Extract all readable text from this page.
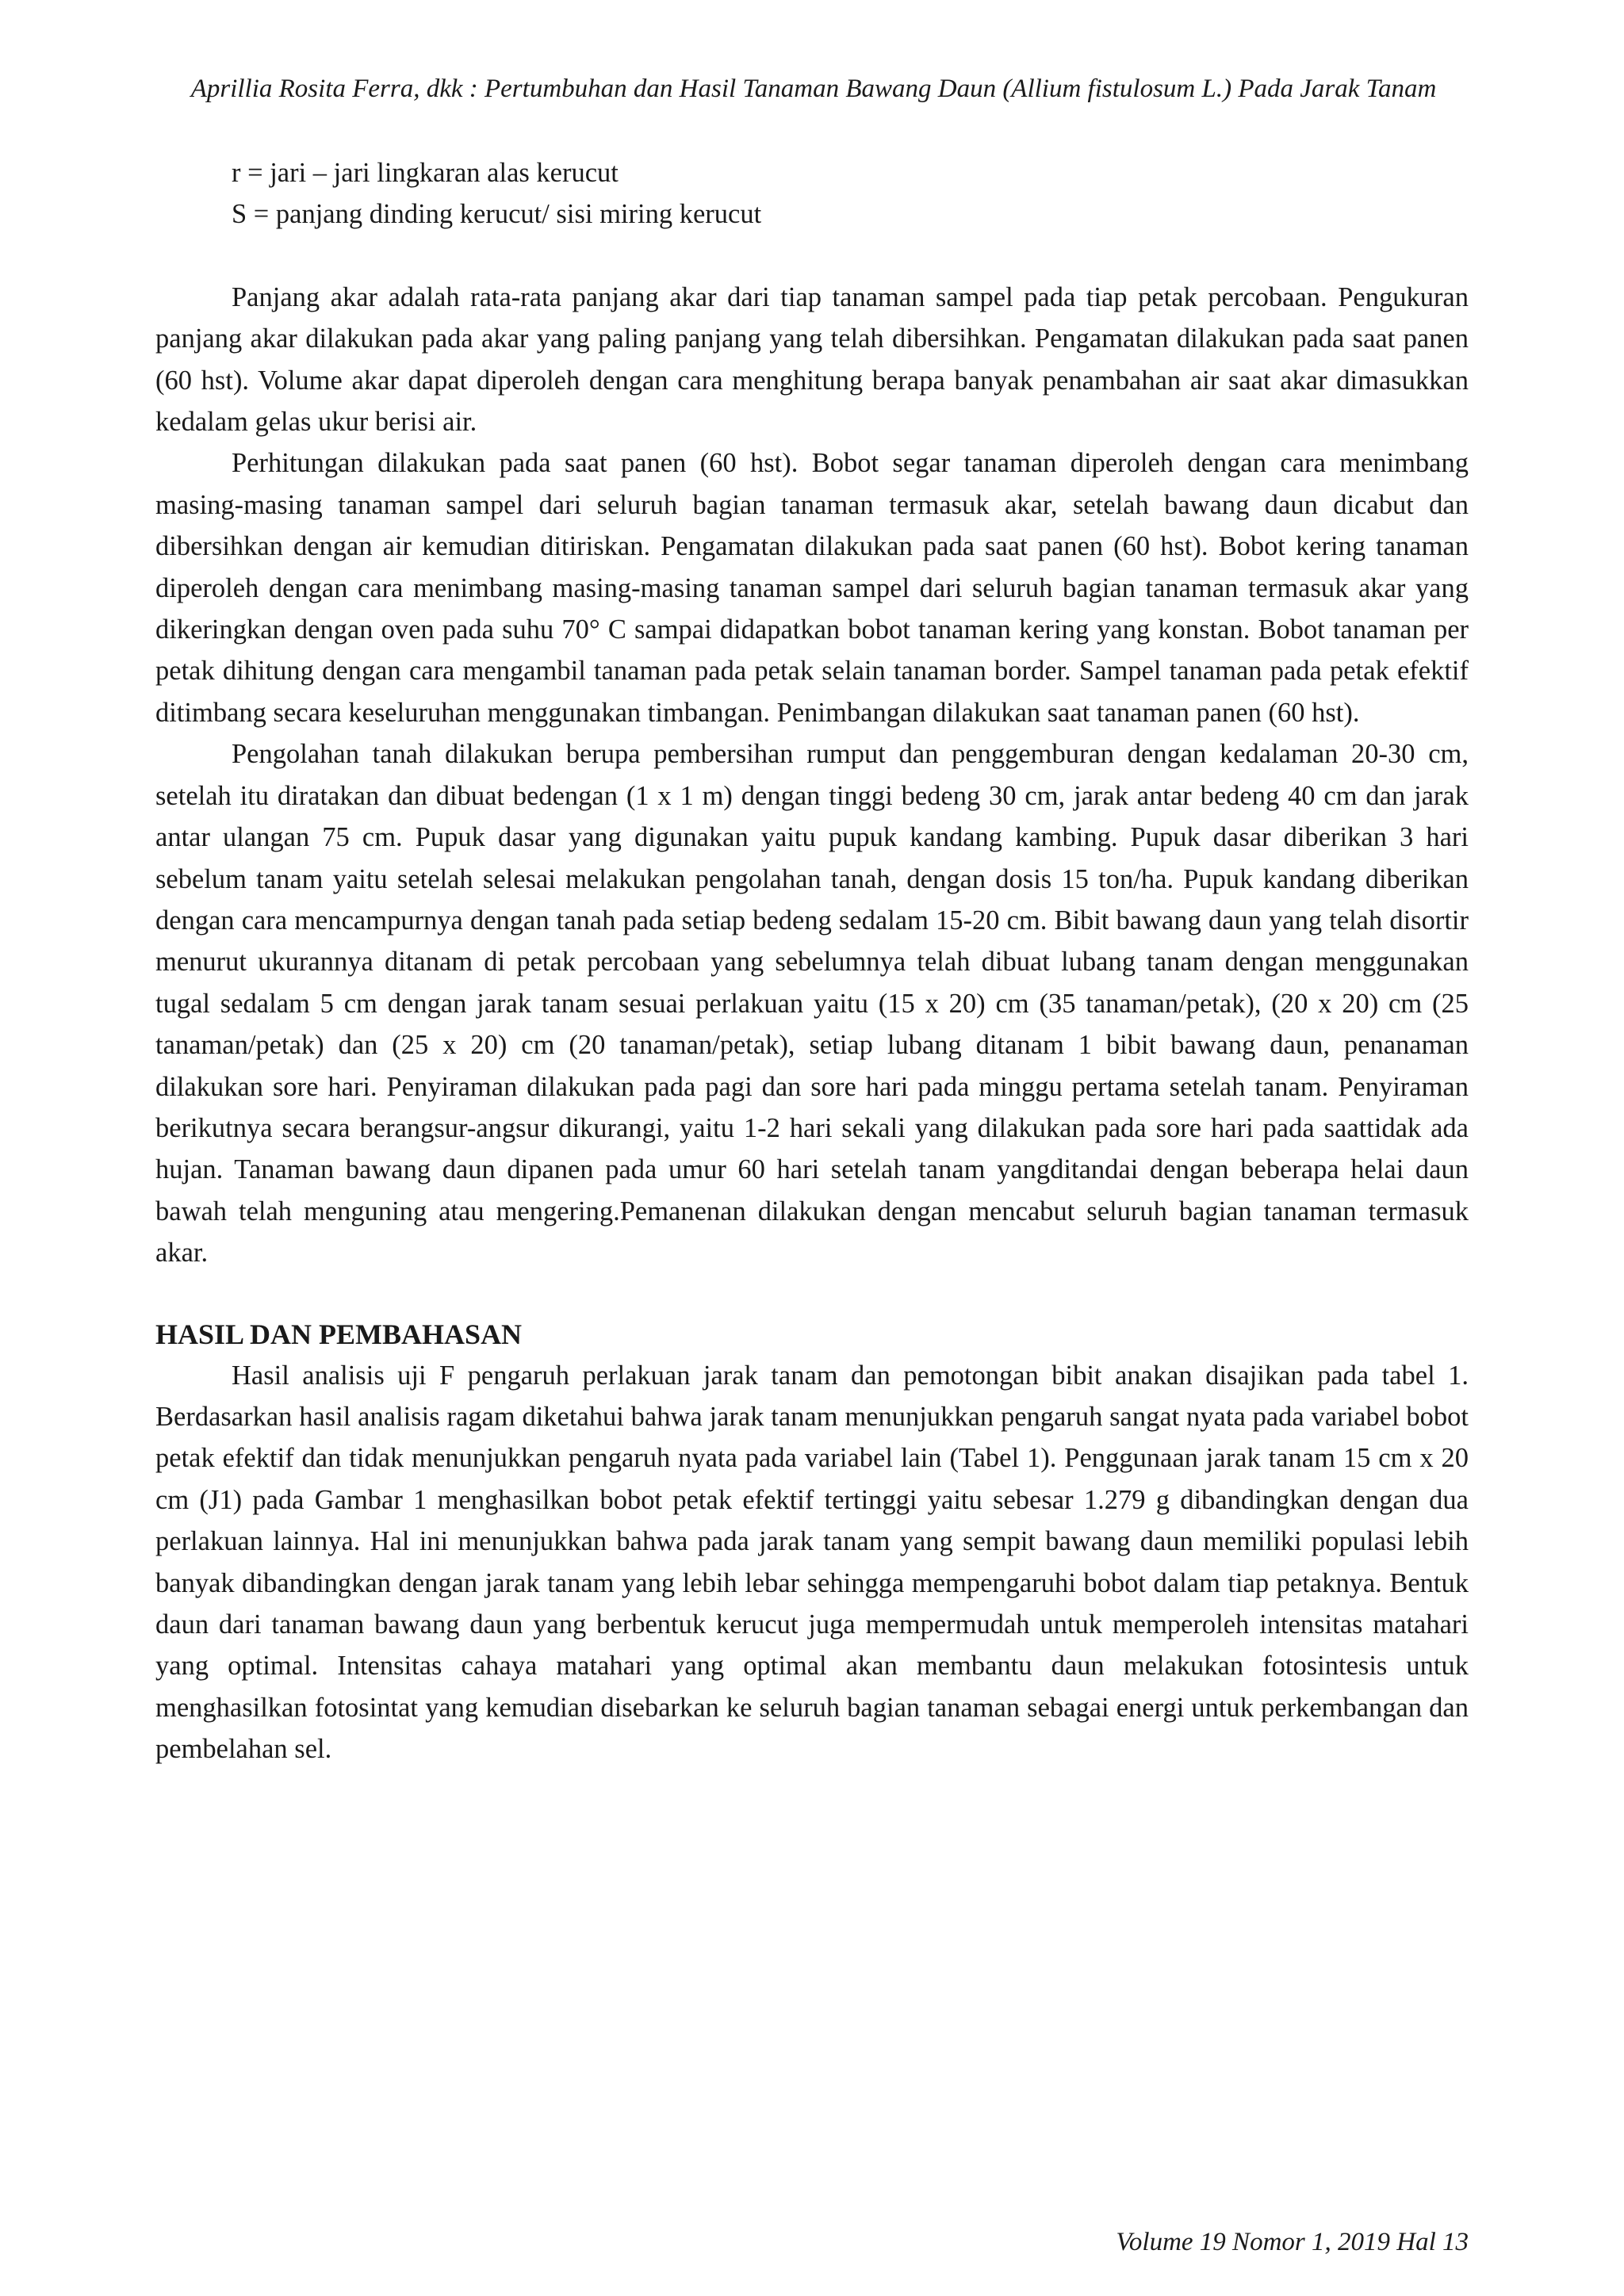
Aprillia Rosita Ferra, dkk : Pertumbuhan dan Hasil Tanaman Bawang Daun (Allium fistulosum L.) Pada Jarak Tanam

r = jari – jari lingkaran alas kerucut

S = panjang dinding kerucut/ sisi miring kerucut

Panjang akar adalah rata-rata panjang akar dari tiap tanaman sampel pada tiap petak percobaan. Pengukuran panjang akar dilakukan pada akar yang paling panjang yang telah dibersihkan. Pengamatan dilakukan pada saat panen (60 hst). Volume akar dapat diperoleh dengan cara menghitung berapa banyak penambahan air saat akar dimasukkan kedalam gelas ukur berisi air.

Perhitungan dilakukan pada saat panen (60 hst). Bobot segar tanaman diperoleh dengan cara menimbang masing-masing tanaman sampel dari seluruh bagian tanaman termasuk akar, setelah bawang daun dicabut dan dibersihkan dengan air kemudian ditiriskan. Pengamatan dilakukan pada saat panen (60 hst). Bobot kering tanaman diperoleh dengan cara menimbang masing-masing tanaman sampel dari seluruh bagian tanaman termasuk akar yang dikeringkan dengan oven pada suhu 70° C sampai didapatkan bobot tanaman kering yang konstan. Bobot tanaman per petak dihitung dengan cara mengambil tanaman pada petak selain tanaman border. Sampel tanaman pada petak efektif ditimbang secara keseluruhan menggunakan timbangan. Penimbangan dilakukan saat tanaman panen (60 hst).

Pengolahan tanah dilakukan berupa pembersihan rumput dan penggemburan dengan kedalaman 20-30 cm, setelah itu diratakan dan dibuat bedengan (1 x 1 m) dengan tinggi bedeng 30 cm, jarak antar bedeng 40 cm dan jarak antar ulangan 75 cm. Pupuk dasar yang digunakan yaitu pupuk kandang kambing. Pupuk dasar diberikan 3 hari sebelum tanam yaitu setelah selesai melakukan pengolahan tanah, dengan dosis 15 ton/ha. Pupuk kandang diberikan dengan cara mencampurnya dengan tanah pada setiap bedeng sedalam 15-20 cm. Bibit bawang daun yang telah disortir menurut ukurannya ditanam di petak percobaan yang sebelumnya telah dibuat lubang tanam dengan menggunakan tugal sedalam 5 cm dengan jarak tanam sesuai perlakuan yaitu (15 x 20) cm (35 tanaman/petak), (20 x 20) cm (25 tanaman/petak) dan (25 x 20) cm (20 tanaman/petak), setiap lubang ditanam 1 bibit bawang daun, penanaman dilakukan sore hari. Penyiraman dilakukan pada pagi dan sore hari pada minggu pertama setelah tanam. Penyiraman berikutnya secara berangsur-angsur dikurangi, yaitu 1-2 hari sekali yang dilakukan pada sore hari pada saattidak ada hujan. Tanaman bawang daun dipanen pada umur 60 hari setelah tanam yangditandai dengan beberapa helai daun bawah telah menguning atau mengering.Pemanenan dilakukan dengan mencabut seluruh bagian tanaman termasuk akar.

HASIL DAN PEMBAHASAN

Hasil analisis uji F pengaruh perlakuan jarak tanam dan pemotongan bibit anakan disajikan pada tabel 1. Berdasarkan hasil analisis ragam diketahui bahwa jarak tanam menunjukkan pengaruh sangat nyata pada variabel bobot petak efektif dan tidak menunjukkan pengaruh nyata pada variabel lain (Tabel 1). Penggunaan jarak tanam 15 cm x 20 cm (J1) pada Gambar 1 menghasilkan bobot petak efektif tertinggi yaitu sebesar 1.279 g dibandingkan dengan dua perlakuan lainnya. Hal ini menunjukkan bahwa pada jarak tanam yang sempit bawang daun memiliki populasi lebih banyak dibandingkan dengan jarak tanam yang lebih lebar sehingga mempengaruhi bobot dalam tiap petaknya. Bentuk daun dari tanaman bawang daun yang berbentuk kerucut juga mempermudah untuk memperoleh intensitas matahari yang optimal. Intensitas cahaya matahari yang optimal akan membantu daun melakukan fotosintesis untuk menghasilkan fotosintat yang kemudian disebarkan ke seluruh bagian tanaman sebagai energi untuk perkembangan dan pembelahan sel.

Volume 19 Nomor 1, 2019 Hal 13
